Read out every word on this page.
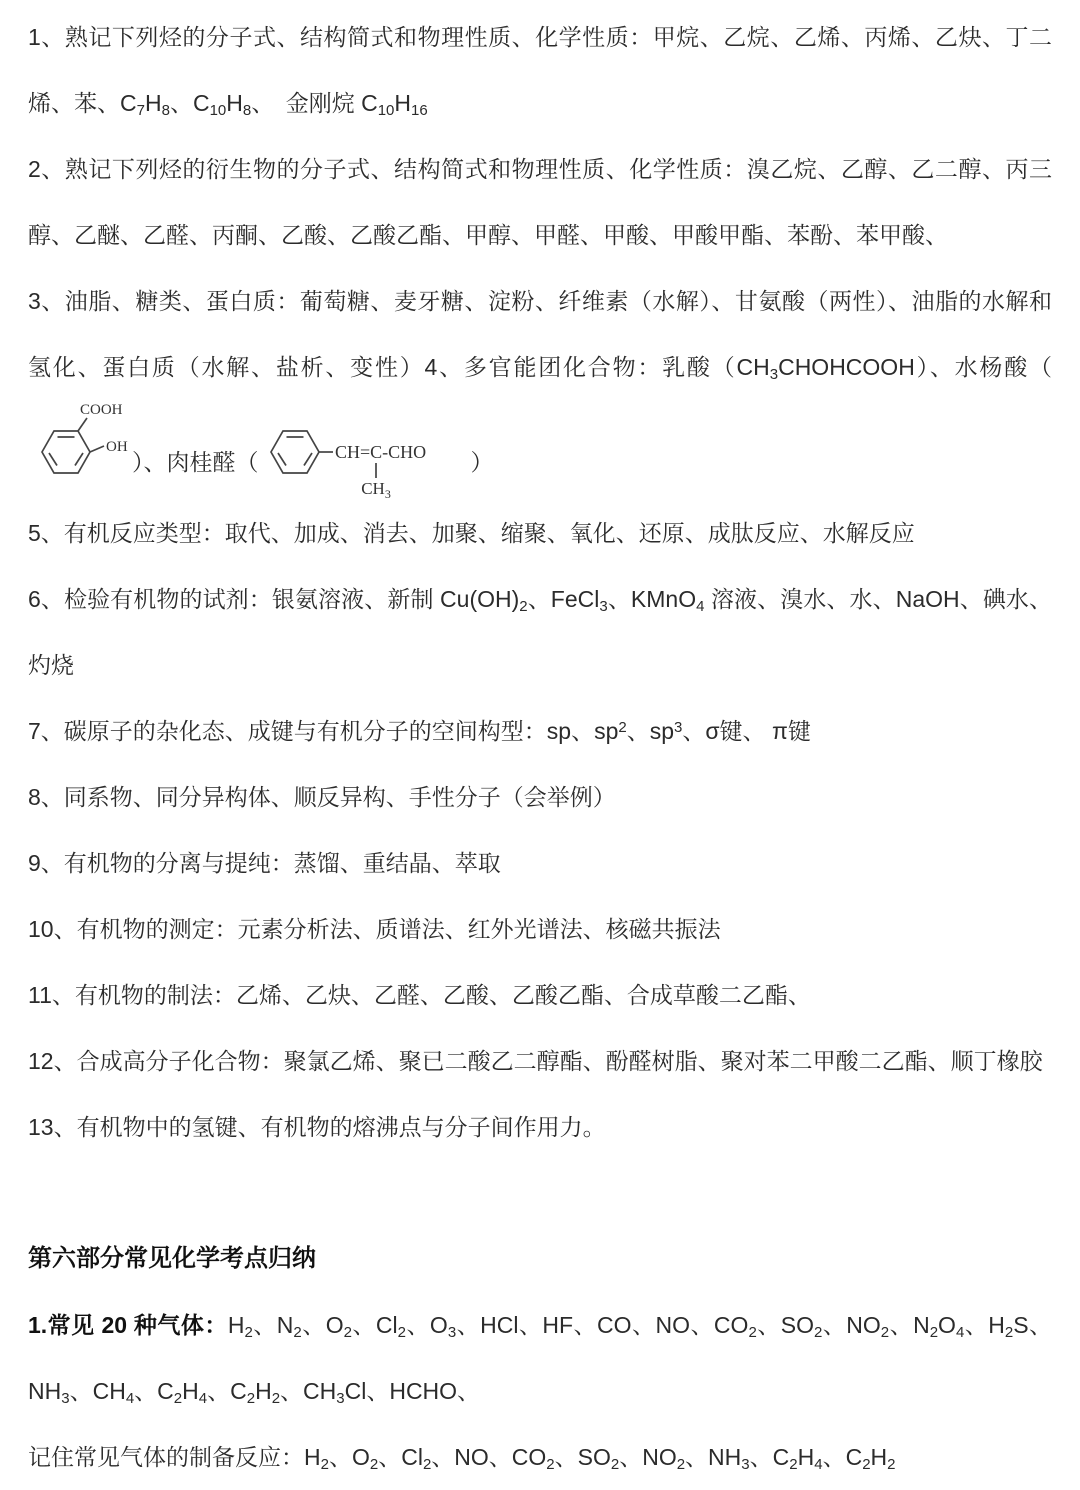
1、熟记下列烃的分子式、结构简式和物理性质、化学性质：甲烷、乙烷、乙烯、丙烯、乙炔、丁二烯、苯、$C_7H_8$、$C_{10}H_8$、　金刚烷 $C_{10}H_{16}$

2、熟记下列烃的衍生物的分子式、结构简式和物理性质、化学性质：溴乙烷、乙醇、乙二醇、丙三醇、乙醚、乙醛、丙酮、乙酸、乙酸乙酯、甲醇、甲醛、甲酸、甲酸甲酯、苯酚、苯甲酸、

3、油脂、糖类、蛋白质：葡萄糖、麦牙糖、淀粉、纤维素（水解）、甘氨酸（两性）、油脂的水解和氢化、蛋白质（水解、盐析、变性）4、多官能团化合物：乳酸$(CH_3CHOHCOOH)$、水杨酸（
COOH
OH
）、肉桂醛（	CH=C-CHO
$CH_3$
）

5、有机反应类型：取代、加成、消去、加聚、缩聚、氧化、还原、成肽反应、水解反应

6、检验有机物的试剂：银氨溶液、新制 $Cu(OH)_2$、FeCl$_3$、KMnO$_4$ 溶液、溴水、水、NaOH、碘水、灼烧

7、碳原子的杂化态、成键与有机分子的空间构型：sp、$sp^2$、$sp^3$、σ键、 π键

8、同系物、同分异构体、顺反异构、手性分子（会举例）

9、有机物的分离与提纯：蒸馏、重结晶、萃取

10、有机物的测定：元素分析法、质谱法、红外光谱法、核磁共振法

11、有机物的制法：乙烯、乙炔、乙醛、乙酸、乙酸乙酯、合成草酸二乙酯、

12、合成高分子化合物：聚氯乙烯、聚已二酸乙二醇酯、酚醛树脂、聚对苯二甲酸二乙酯、顺丁橡胶

13、有机物中的氢键、有机物的熔沸点与分子间作用力。

第六部分常见化学考点归纳

1.常见 20 种气体：$H_2$、$N_2$、$O_2$、$Cl_2$、$O_3$、HCl、HF、CO、NO、$CO_2$、$SO_2$、$NO_2$、$N_2O_4$、$H_2S$、$NH_3$、$CH_4$、$C_2H_4$、$C_2H_2$、$CH_3Cl$、HCHO、

记住常见气体的制备反应：$H_2$、$O_2$、$Cl_2$、NO、$CO_2$、$SO_2$、$NO_2$、$NH_3$、$C_2H_4$、$C_2H_2$
